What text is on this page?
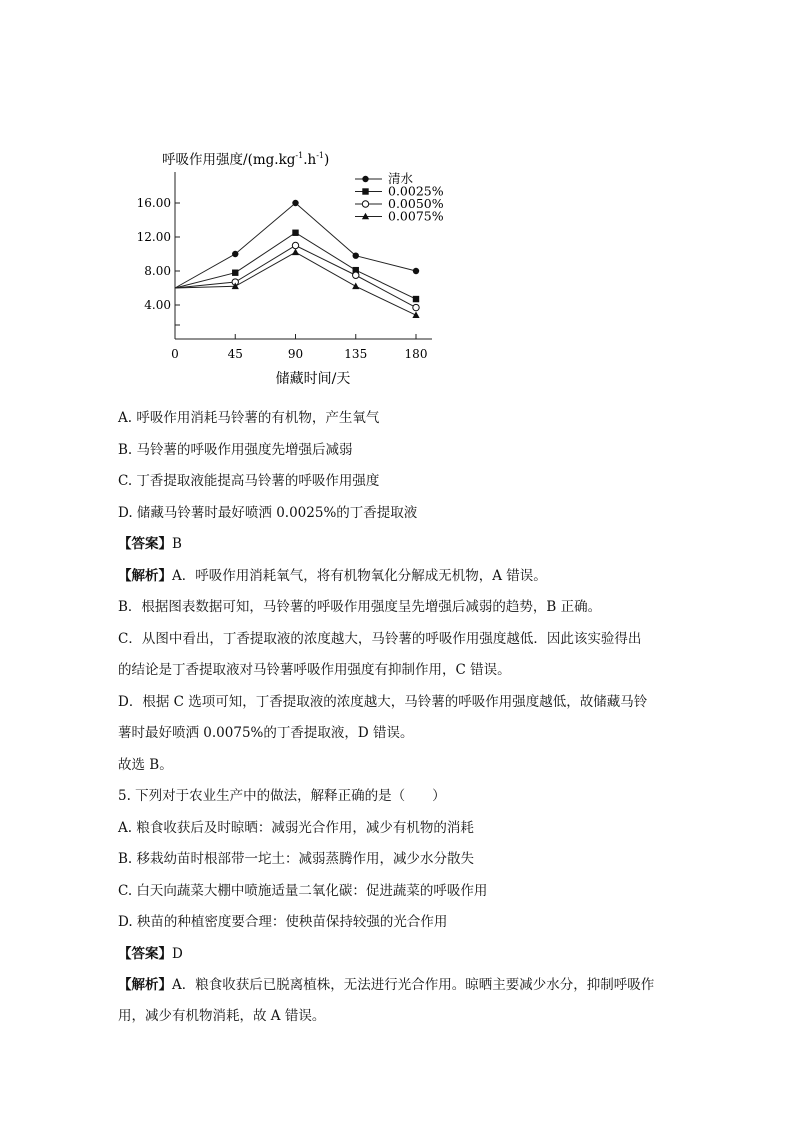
呼吸作用强度$/(mg.kg^{-1}.h^{-1})$
4.00
8.00
12.00
16.00
45	90	135	180
0
清水
0.0025%
0.0050%
0.0075%
储藏时间/天
A. 呼吸作用消耗马铃薯的有机物，产生氧气
B. 马铃薯的呼吸作用强度先增强后减弱
C. 丁香提取液能提高马铃薯的呼吸作用强度
D. 储藏马铃薯时最好喷洒 0.0025%的丁香提取液
【答案】B
【解析】A．呼吸作用消耗氧气，将有机物氧化分解成无机物，A 错误。
B．根据图表数据可知，马铃薯的呼吸作用强度呈先增强后减弱的趋势，B 正确。
C．从图中看出，丁香提取液的浓度越大，马铃薯的呼吸作用强度越低．因此该实验得出
的结论是丁香提取液对马铃薯呼吸作用强度有抑制作用，C 错误。
D．根据 C 选项可知，丁香提取液的浓度越大，马铃薯的呼吸作用强度越低，故储藏马铃
薯时最好喷洒 0.0075%的丁香提取液，D 错误。
故选 B。
5. 下列对于农业生产中的做法，解释正确的是（　　）
A. 粮食收获后及时晾晒：减弱光合作用，减少有机物的消耗
B. 移栽幼苗时根部带一坨土：减弱蒸腾作用，减少水分散失
C. 白天向蔬菜大棚中喷施适量二氧化碳：促进蔬菜的呼吸作用
D. 秧苗的种植密度要合理：使秧苗保持较强的光合作用
【答案】D
【解析】A．粮食收获后已脱离植株，无法进行光合作用。晾晒主要减少水分，抑制呼吸作用，减少有机物消耗，故 A 错误。
